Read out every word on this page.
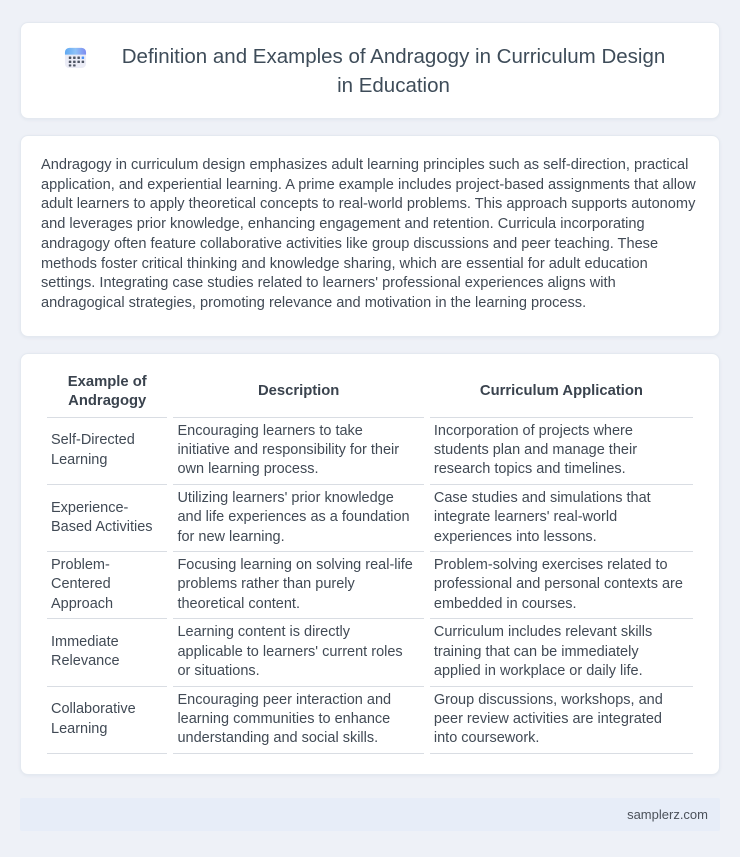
Definition and Examples of Andragogy in Curriculum Design in Education

Andragogy in curriculum design emphasizes adult learning principles such as self-direction, practical application, and experiential learning. A prime example includes project-based assignments that allow adult learners to apply theoretical concepts to real-world problems. This approach supports autonomy and leverages prior knowledge, enhancing engagement and retention. Curricula incorporating andragogy often feature collaborative activities like group discussions and peer teaching. These methods foster critical thinking and knowledge sharing, which are essential for adult education settings. Integrating case studies related to learners' professional experiences aligns with andragogical strategies, promoting relevance and motivation in the learning process.

Example of Andragogy	Description	Curriculum Application
Self-Directed Learning	Encouraging learners to take initiative and responsibility for their own learning process.	Incorporation of projects where students plan and manage their research topics and timelines.
Experience-Based Activities	Utilizing learners' prior knowledge and life experiences as a foundation for new learning.	Case studies and simulations that integrate learners' real-world experiences into lessons.
Problem-Centered Approach	Focusing learning on solving real-life problems rather than purely theoretical content.	Problem-solving exercises related to professional and personal contexts are embedded in courses.
Immediate Relevance	Learning content is directly applicable to learners' current roles or situations.	Curriculum includes relevant skills training that can be immediately applied in workplace or daily life.
Collaborative Learning	Encouraging peer interaction and learning communities to enhance understanding and social skills.	Group discussions, workshops, and peer review activities are integrated into coursework.
samplerz.com
